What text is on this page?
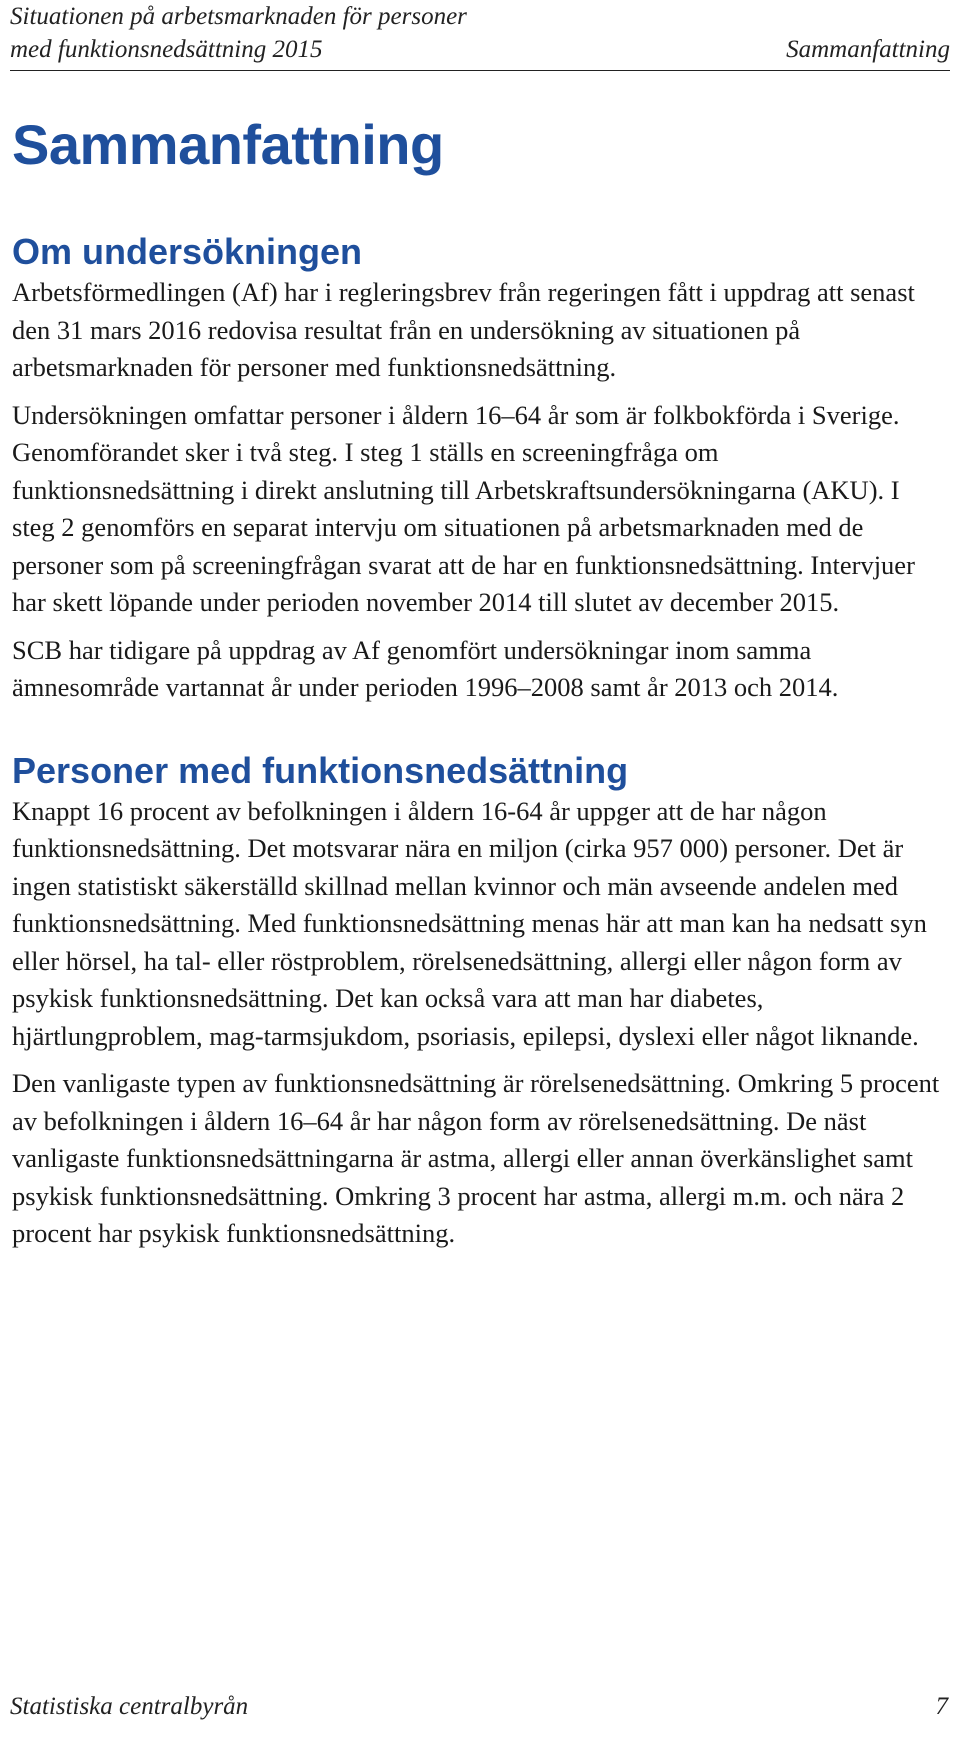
Situationen på arbetsmarknaden för personer
med funktionsnedsättning 2015	Sammanfattning
Sammanfattning
Om undersökningen

Arbetsförmedlingen (Af) har i regleringsbrev från regeringen fått i uppdrag att senast den 31 mars 2016 redovisa resultat från en undersökning av situationen på arbetsmarknaden för personer med funktionsnedsättning.

Undersökningen omfattar personer i åldern 16–64 år som är folkbokförda i Sverige. Genomförandet sker i två steg. I steg 1 ställs en screeningfråga om funktionsnedsättning i direkt anslutning till Arbetskraftsundersökningarna (AKU). I steg 2 genomförs en separat intervju om situationen på arbetsmarknaden med de personer som på screeningfrågan svarat att de har en funktionsnedsättning. Intervjuer har skett löpande under perioden november 2014 till slutet av december 2015.

SCB har tidigare på uppdrag av Af genomfört undersökningar inom samma ämnesområde vartannat år under perioden 1996–2008 samt år 2013 och 2014.

Personer med funktionsnedsättning

Knappt 16 procent av befolkningen i åldern 16-64 år uppger att de har någon funktionsnedsättning. Det motsvarar nära en miljon (cirka 957 000) personer. Det är ingen statistiskt säkerställd skillnad mellan kvinnor och män avseende andelen med funktionsnedsättning. Med funktionsnedsättning menas här att man kan ha nedsatt syn eller hörsel, ha tal- eller röstproblem, rörelsenedsättning, allergi eller någon form av psykisk funktionsnedsättning. Det kan också vara att man har diabetes, hjärtlungproblem, mag-tarmsjukdom, psoriasis, epilepsi, dyslexi eller något liknande.

Den vanligaste typen av funktionsnedsättning är rörelsenedsättning. Omkring 5 procent av befolkningen i åldern 16–64 år har någon form av rörelsenedsättning. De näst vanligaste funktionsnedsättningarna är astma, allergi eller annan överkänslighet samt psykisk funktionsnedsättning. Omkring 3 procent har astma, allergi m.m. och nära 2 procent har psykisk funktionsnedsättning.

Statistiska centralbyrån	7
